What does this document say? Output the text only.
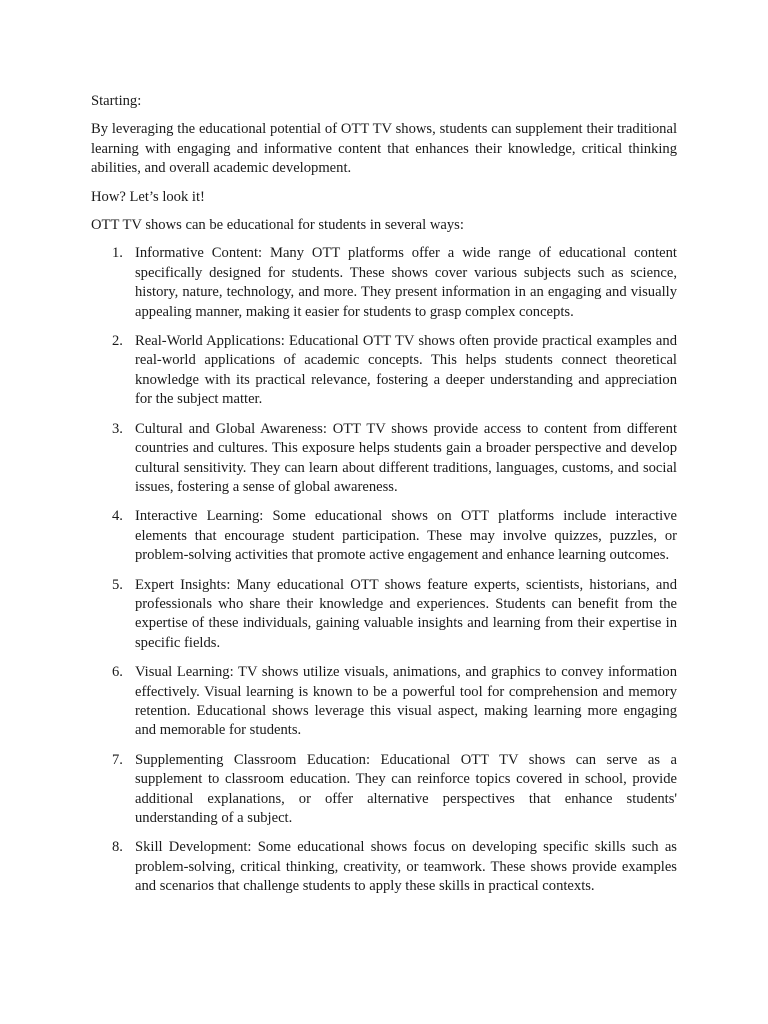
Starting:

By leveraging the educational potential of OTT TV shows, students can supplement their traditional learning with engaging and informative content that enhances their knowledge, critical thinking abilities, and overall academic development.

How? Let’s look it!

OTT TV shows can be educational for students in several ways:

1. Informative Content: Many OTT platforms offer a wide range of educational content specifically designed for students. These shows cover various subjects such as science, history, nature, technology, and more. They present information in an engaging and visually appealing manner, making it easier for students to grasp complex concepts.
2. Real-World Applications: Educational OTT TV shows often provide practical examples and real-world applications of academic concepts. This helps students connect theoretical knowledge with its practical relevance, fostering a deeper understanding and appreciation for the subject matter.
3. Cultural and Global Awareness: OTT TV shows provide access to content from different countries and cultures. This exposure helps students gain a broader perspective and develop cultural sensitivity. They can learn about different traditions, languages, customs, and social issues, fostering a sense of global awareness.
4. Interactive Learning: Some educational shows on OTT platforms include interactive elements that encourage student participation. These may involve quizzes, puzzles, or problem-solving activities that promote active engagement and enhance learning outcomes.
5. Expert Insights: Many educational OTT shows feature experts, scientists, historians, and professionals who share their knowledge and experiences. Students can benefit from the expertise of these individuals, gaining valuable insights and learning from their expertise in specific fields.
6. Visual Learning: TV shows utilize visuals, animations, and graphics to convey information effectively. Visual learning is known to be a powerful tool for comprehension and memory retention. Educational shows leverage this visual aspect, making learning more engaging and memorable for students.
7. Supplementing Classroom Education: Educational OTT TV shows can serve as a supplement to classroom education. They can reinforce topics covered in school, provide additional explanations, or offer alternative perspectives that enhance students' understanding of a subject.
8. Skill Development: Some educational shows focus on developing specific skills such as problem-solving, critical thinking, creativity, or teamwork. These shows provide examples and scenarios that challenge students to apply these skills in practical contexts.
